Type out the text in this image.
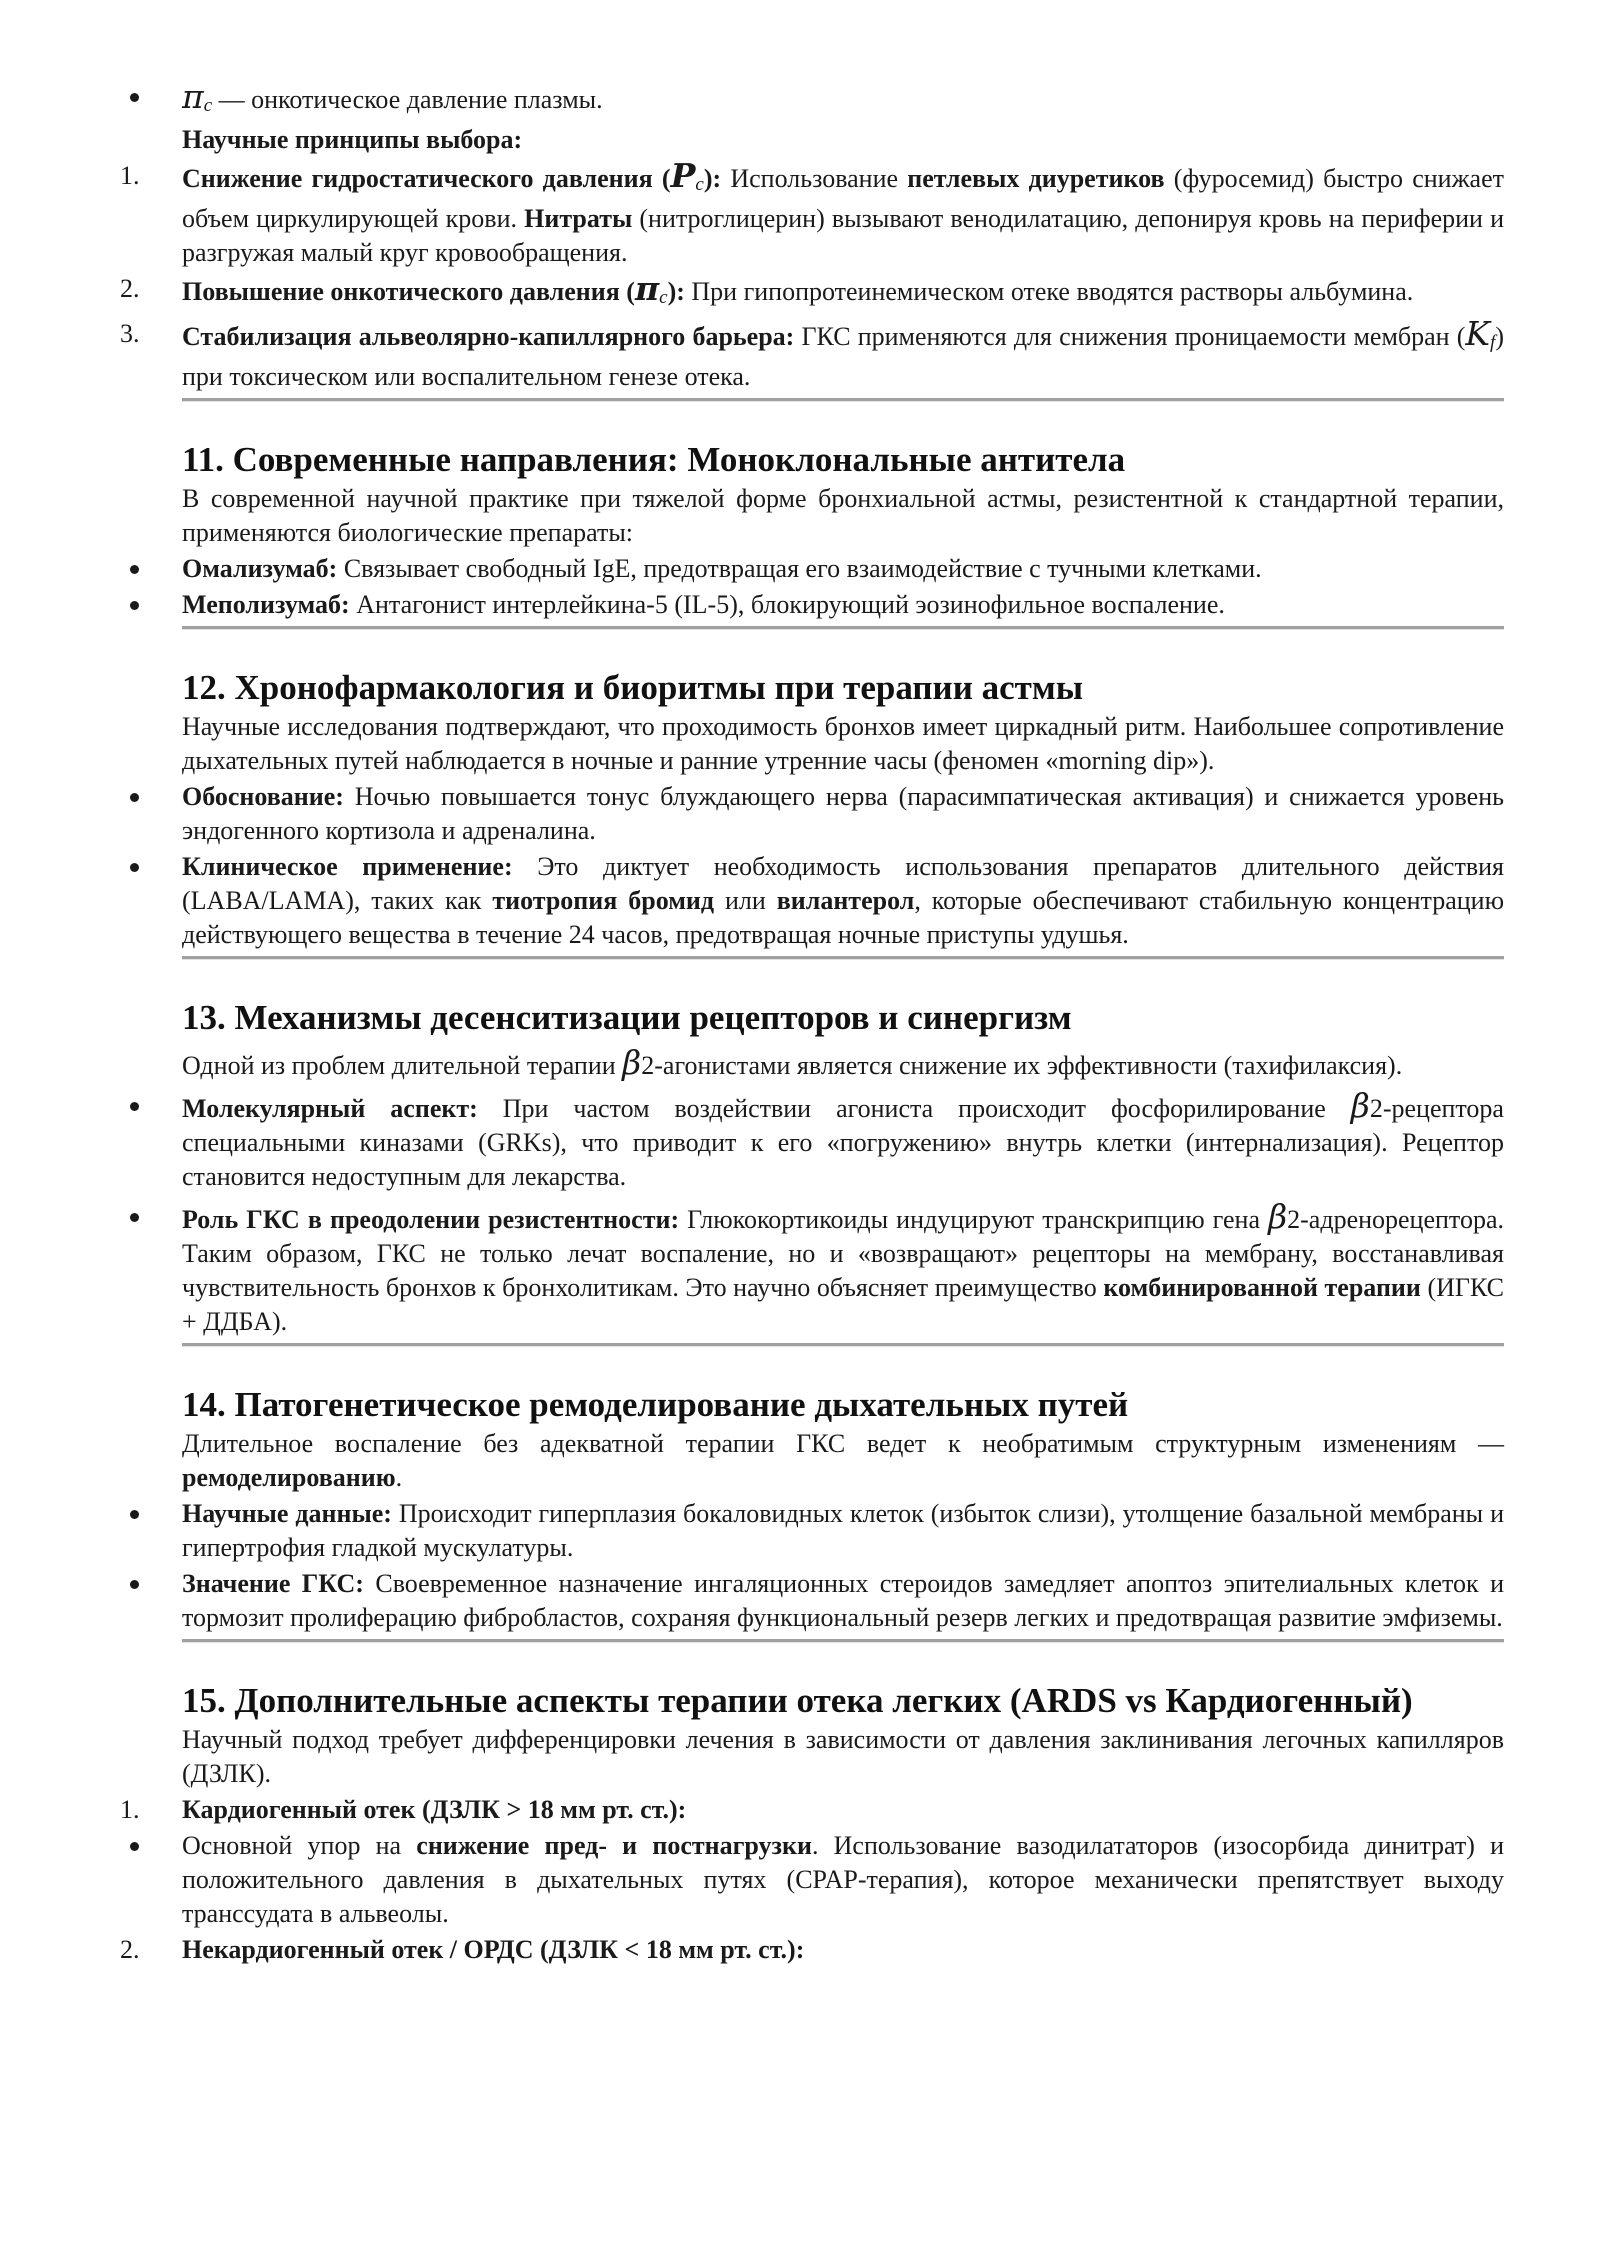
$\pi_c$ — онкотическое давление плазмы.
Научные принципы выбора:
1.	Снижение гидростатического давления $(P_c)$: Использование петлевых диуретиков (фуросемид) быстро снижает объем циркулирующей крови. Нитраты (нитроглицерин) вызывают венодилатацию, депонируя кровь на периферии и разгружая малый круг кровообращения.
2.	Повышение онкотического давления $(\pi_c)$: При гипопротеинемическом отеке вводятся растворы альбумина.
3.	Стабилизация альвеолярно-капиллярного барьера: ГКС применяются для снижения проницаемости мембран $(K_f)$ при токсическом или воспалительном генезе отека.
11. Современные направления: Моноклональные антитела
В современной научной практике при тяжелой форме бронхиальной астмы, резистентной к стандартной терапии, применяются биологические препараты:
Омализумаб: Связывает свободный IgE, предотвращая его взаимодействие с тучными клетками.
Меполизумаб: Антагонист интерлейкина-5 (IL-5), блокирующий эозинофильное воспаление.
12. Хронофармакология и биоритмы при терапии астмы
Научные исследования подтверждают, что проходимость бронхов имеет циркадный ритм. Наибольшее сопротивление дыхательных путей наблюдается в ночные и ранние утренние часы (феномен «morning dip»).
Обоснование: Ночью повышается тонус блуждающего нерва (парасимпатическая активация) и снижается уровень эндогенного кортизола и адреналина.
Клиническое применение: Это диктует необходимость использования препаратов длительного действия (LABA/LAMA), таких как тиотропия бромид или вилантерол, которые обеспечивают стабильную концентрацию действующего вещества в течение 24 часов, предотвращая ночные приступы удушья.
13. Механизмы десенситизации рецепторов и синергизм
Одной из проблем длительной терапии β2-агонистами является снижение их эффективности (тахифилаксия).
Молекулярный аспект: При частом воздействии агониста происходит фосфорилирование β2-рецептора специальными киназами (GRKs), что приводит к его «погружению» внутрь клетки (интернализация). Рецептор становится недоступным для лекарства.
Роль ГКС в преодолении резистентности: Глюкокортикоиды индуцируют транскрипцию гена β2-адренорецептора. Таким образом, ГКС не только лечат воспаление, но и «возвращают» рецепторы на мембрану, восстанавливая чувствительность бронхов к бронхолитикам. Это научно объясняет преимущество комбинированной терапии (ИГКС + ДДБА).
14. Патогенетическое ремоделирование дыхательных путей
Длительное воспаление без адекватной терапии ГКС ведет к необратимым структурным изменениям — ремоделированию.
Научные данные: Происходит гиперплазия бокаловидных клеток (избыток слизи), утолщение базальной мембраны и гипертрофия гладкой мускулатуры.
Значение ГКС: Своевременное назначение ингаляционных стероидов замедляет апоптоз эпителиальных клеток и тормозит пролиферацию фибробластов, сохраняя функциональный резерв легких и предотвращая развитие эмфиземы.
15. Дополнительные аспекты терапии отека легких (ARDS vs Кардиогенный)
Научный подход требует дифференцировки лечения в зависимости от давления заклинивания легочных капилляров (ДЗЛК).
1.	Кардиогенный отек (ДЗЛК > 18 мм рт. ст.):
Основной упор на снижение пред- и постнагрузки. Использование вазодилататоров (изосорбида динитрат) и положительного давления в дыхательных путях (CPAP-терапия), которое механически препятствует выходу транссудата в альвеолы.
2.	Некардиогенный отек / ОРДС (ДЗЛК < 18 мм рт. ст.):
